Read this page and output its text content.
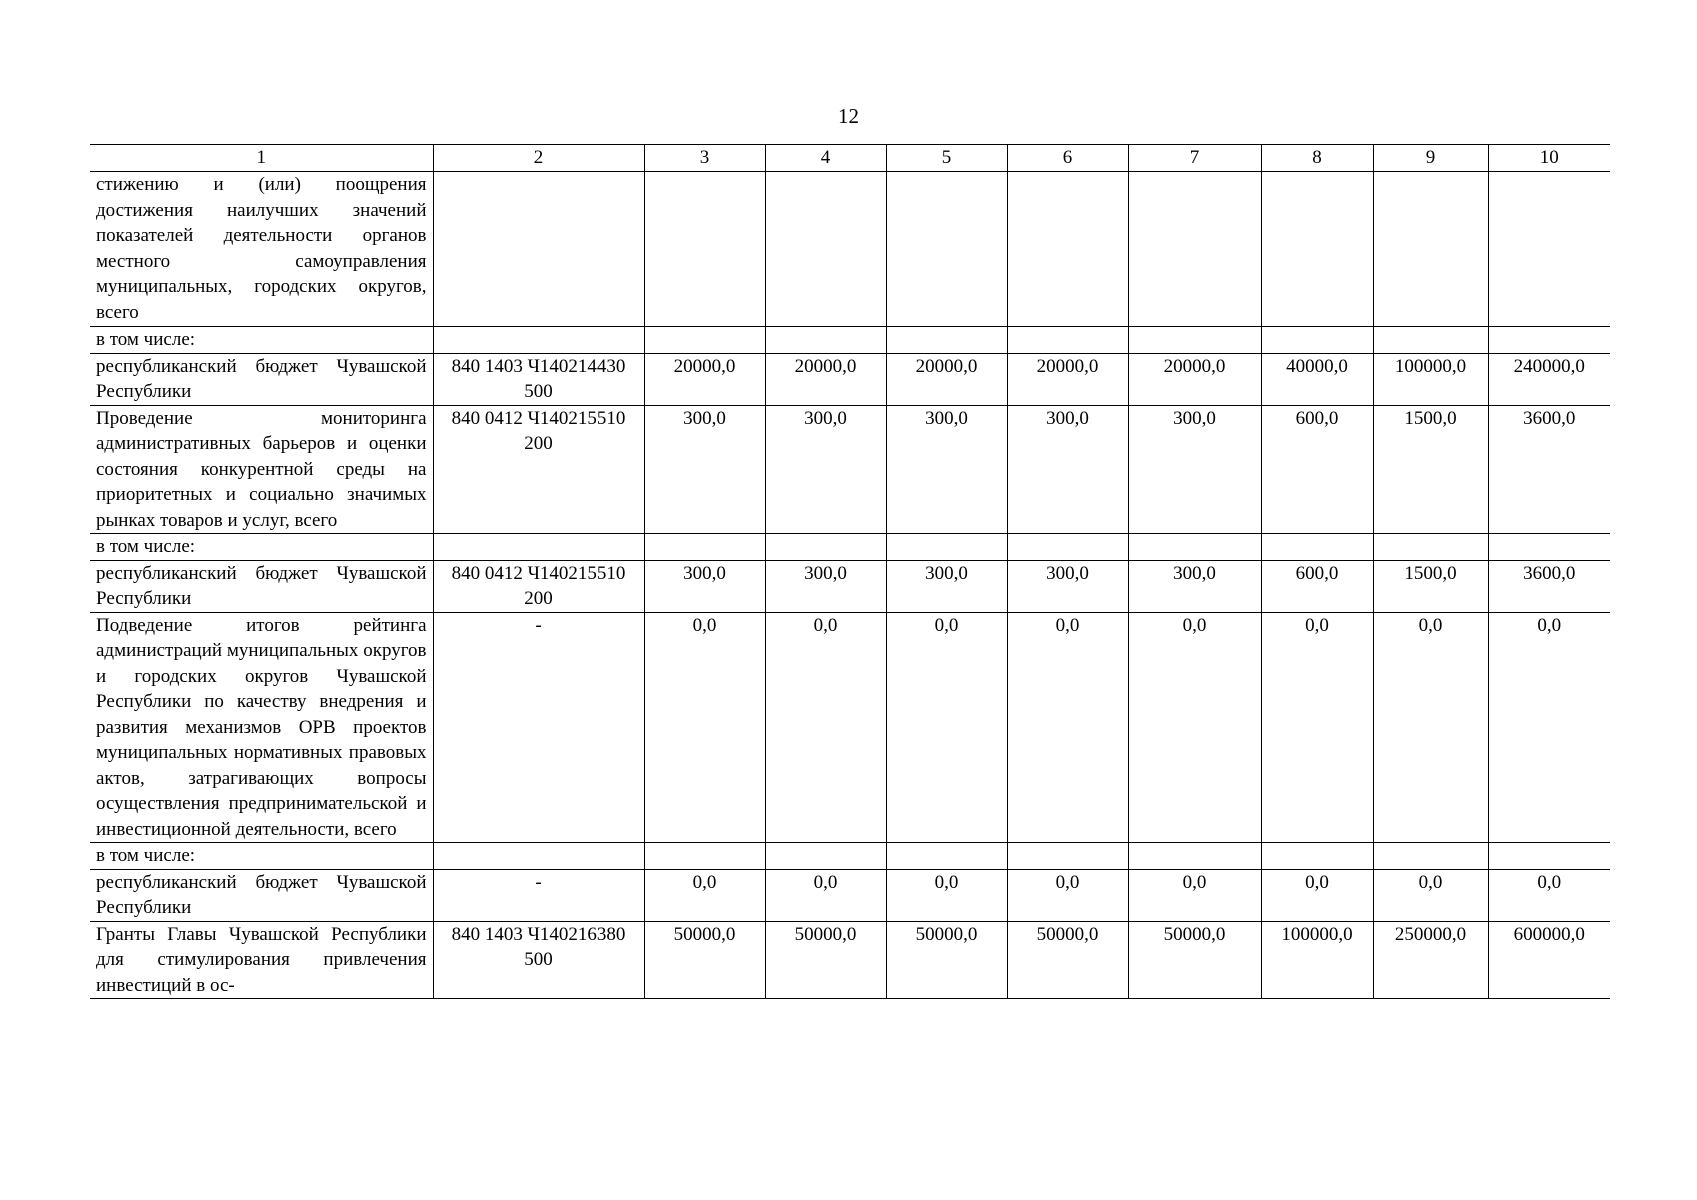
12
1	2	3	4	5	6	7	8	9	10
стижению и (или) поощрения достижения наилучших значений показателей деятельности органов местного самоуправления муниципальных, городских округов, всего									
в том числе:									
республиканский бюджет Чувашской Республики	840 1403 Ч140214430 500	20000,0	20000,0	20000,0	20000,0	20000,0	40000,0	100000,0	240000,0
Проведение мониторинга административных барьеров и оценки состояния конкурентной среды на приоритетных и социально значимых рынках товаров и услуг, всего	840 0412 Ч140215510 200	300,0	300,0	300,0	300,0	300,0	600,0	1500,0	3600,0
в том числе:									
республиканский бюджет Чувашской Республики	840 0412 Ч140215510 200	300,0	300,0	300,0	300,0	300,0	600,0	1500,0	3600,0
Подведение итогов рейтинга администраций муниципальных округов и городских округов Чувашской Республики по качеству внедрения и развития механизмов ОРВ проектов муниципальных нормативных правовых актов, затрагивающих вопросы осуществления предпринимательской и инвестиционной деятельности, всего	-	0,0	0,0	0,0	0,0	0,0	0,0	0,0	0,0
в том числе:									
республиканский бюджет Чувашской Республики	-	0,0	0,0	0,0	0,0	0,0	0,0	0,0	0,0
Гранты Главы Чувашской Республики для стимулирования привлечения инвестиций в ос-	840 1403 Ч140216380 500	50000,0	50000,0	50000,0	50000,0	50000,0	100000,0	250000,0	600000,0
